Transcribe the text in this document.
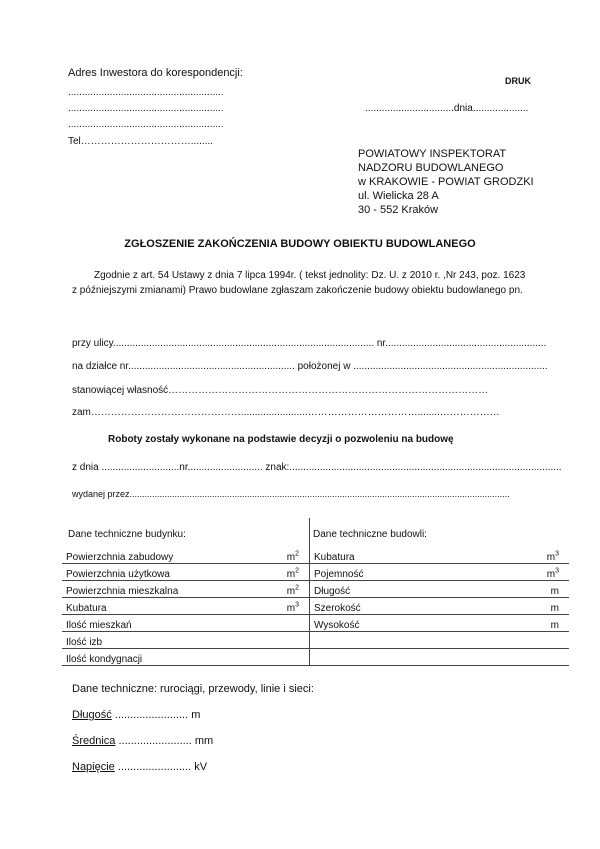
Adres Inwestora do korespondencji:
........................................................
........................................................
........................................................
Tel……………………………........
DRUK
................................dnia....................
POWIATOWY INSPEKTORAT
NADZORU BUDOWLANEGO
w KRAKOWIE - POWIAT GRODZKI
ul. Wielicka 28 A
30 - 552 Kraków
ZGŁOSZENIE ZAKOŃCZENIA BUDOWY OBIEKTU BUDOWLANEGO
Zgodnie z art. 54 Ustawy z dnia 7 lipca 1994r. ( tekst jednolity: Dz. U. z 2010 r. ,Nr 243, poz. 1623
z późniejszymi zmianami) Prawo budowlane zgłaszam zakończenie budowy obiektu budowlanego pn.
przy ulicy.............................................................................................. nr..........................................................
na działce nr............................................................ położonej w ......................................................................
stanowiącej własność……………………………………………………………………………………
zam………………………………………........................……………………………........………………
Roboty zostały wykonane na podstawie decyzji o pozwoleniu na budowę
z dnia ............................nr........................... znak:..................................................................................................
wydanej przez........................................................................................................................................................
Dane techniczne budynku:	Dane techniczne budowli:
Powierzchnia zabudowy $m^2$	Kubatura $m^3$

Powierzchnia użytkowa $m^2$	Pojemność $m^3$

Powierzchnia mieszkalna $m^2$	Długość m

Kubatura $m^3$	Szerokość m

Ilość mieszkań	Wysokość m

Ilość izb	
Ilość kondygnacji	
Dane techniczne: rurociągi, przewody, linie i sieci:
Długość ........................ m
Średnica ........................ mm
Napięcie ........................ kV
